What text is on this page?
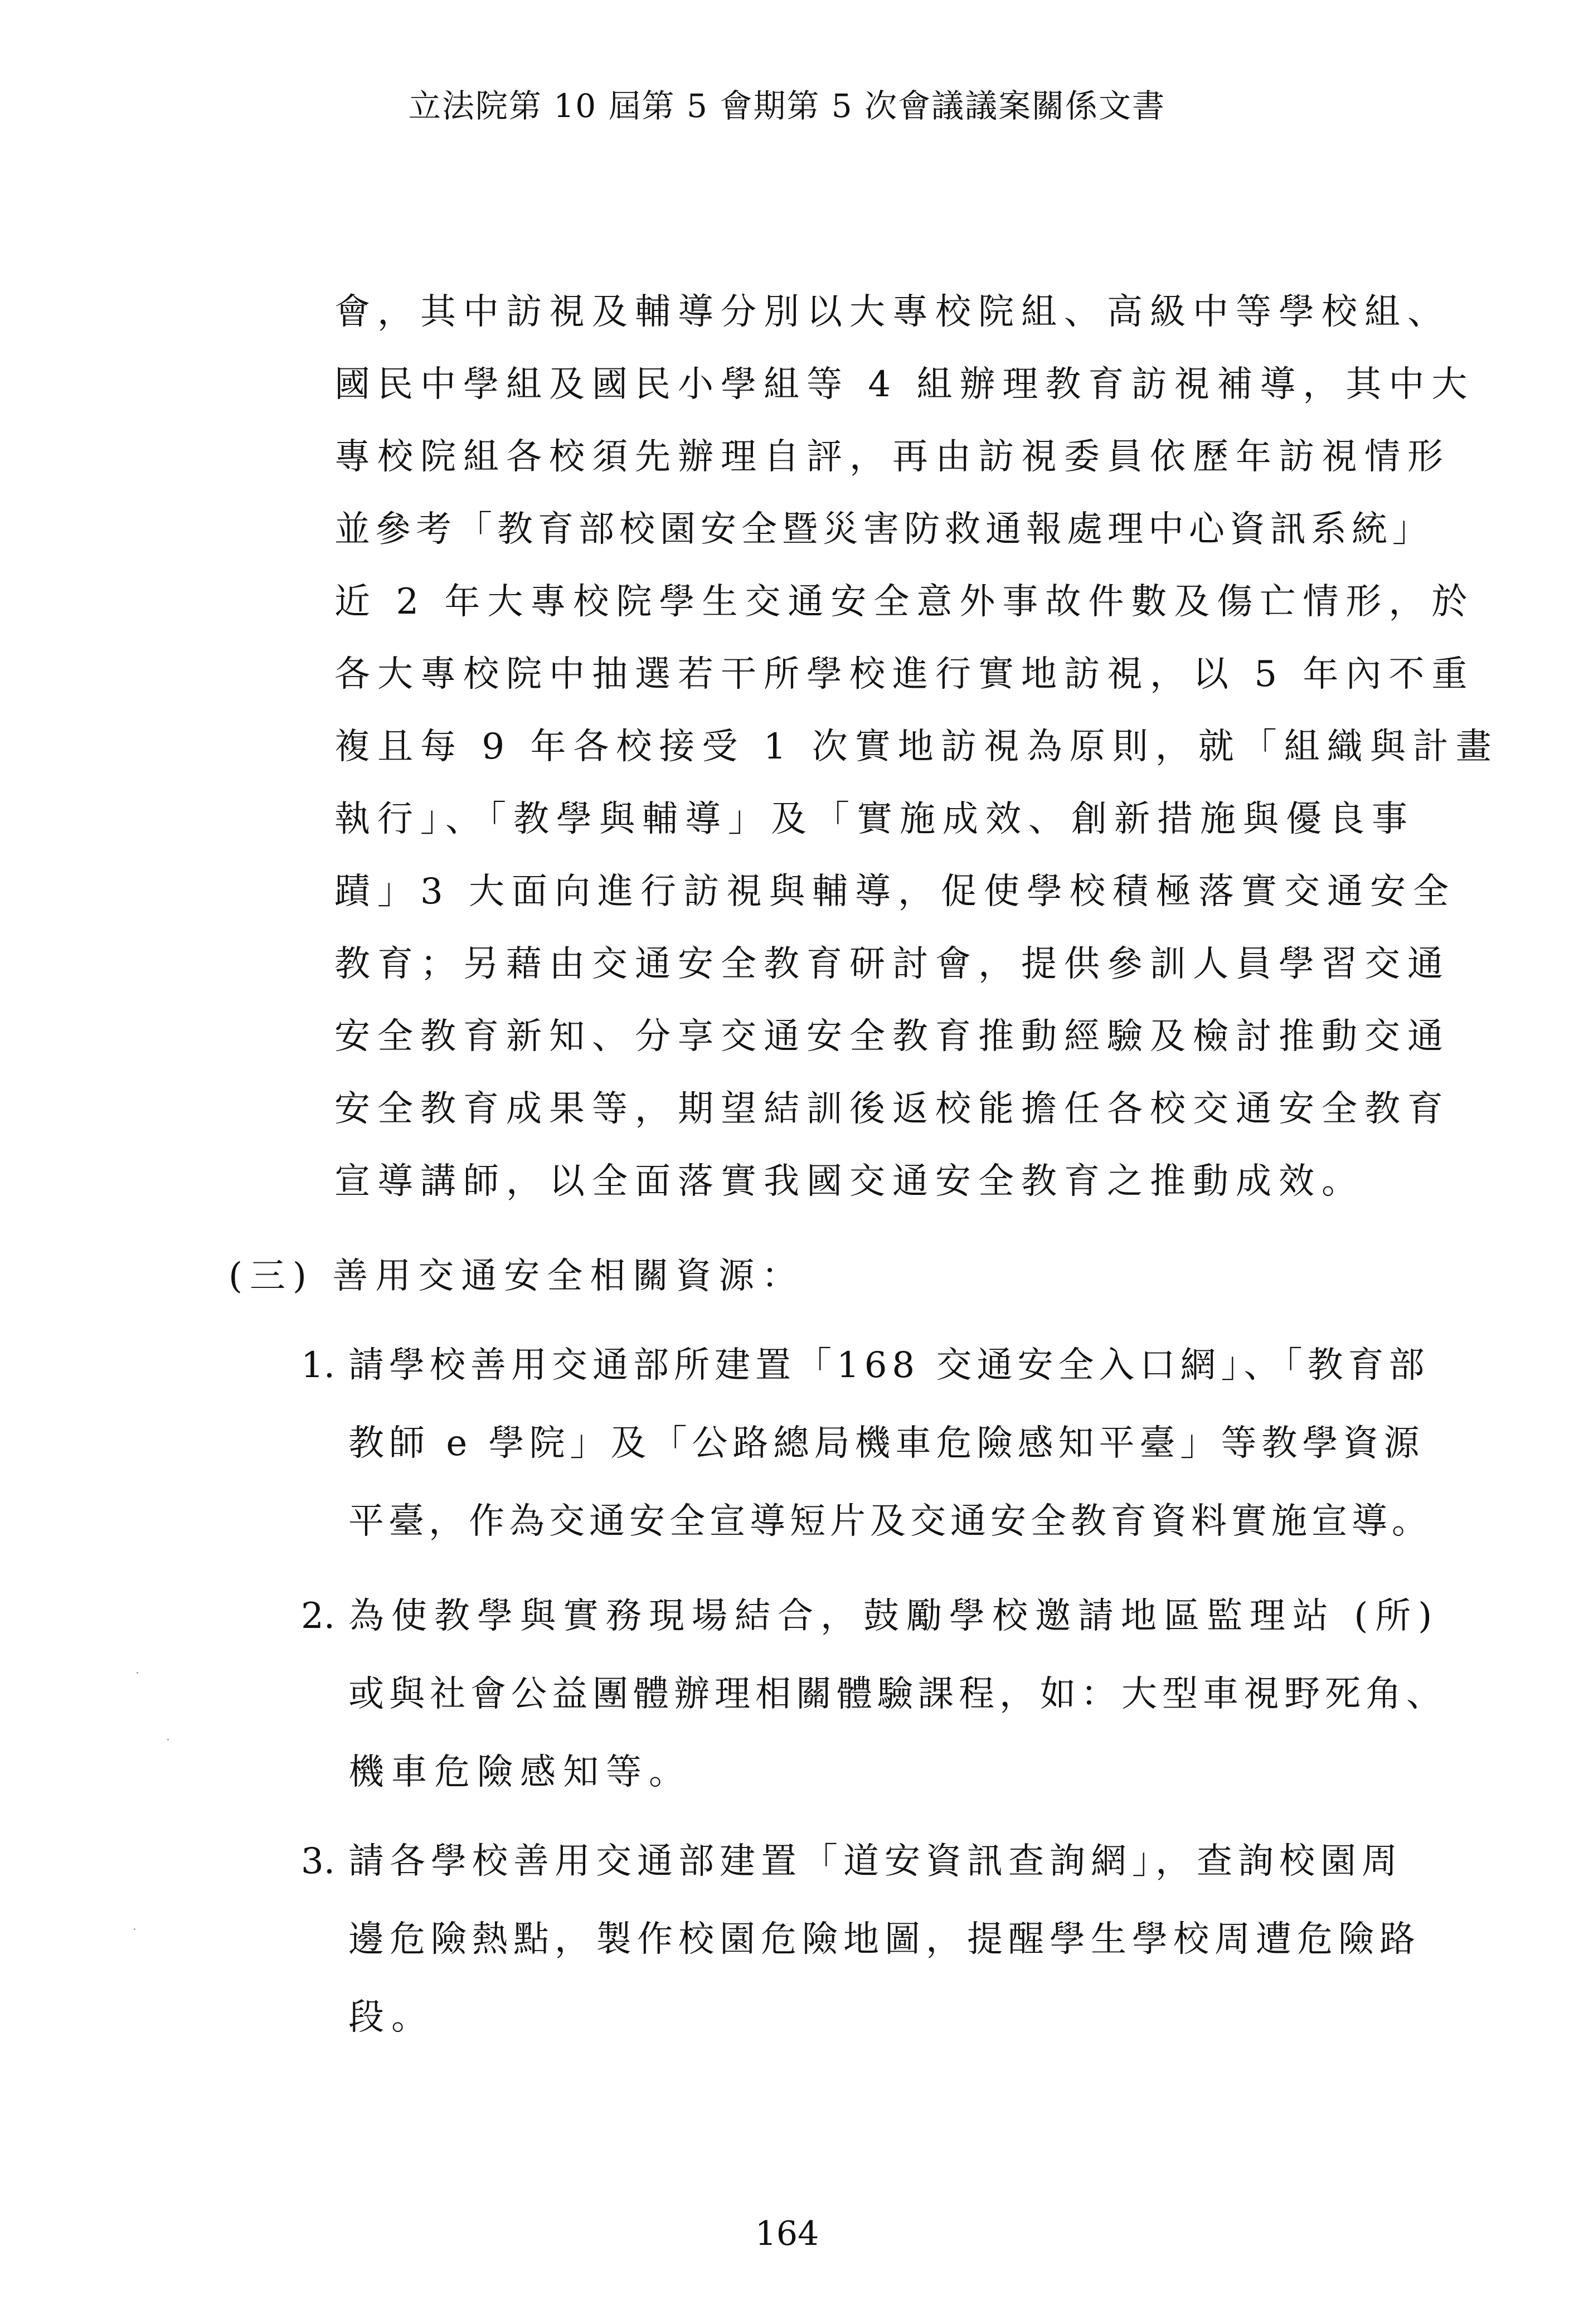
立法院第 10 屆第 5 會期第 5 次會議議案關係文書
會，其中訪視及輔導分別以大專校院組、高級中等學校組、
國民中學組及國民小學組等 4 組辦理教育訪視補導，其中大
專校院組各校須先辦理自評，再由訪視委員依歷年訪視情形
並參考「教育部校園安全暨災害防救通報處理中心資訊系統」
近 2 年大專校院學生交通安全意外事故件數及傷亡情形，於
各大專校院中抽選若干所學校進行實地訪視，以 5 年內不重
複且每 9 年各校接受 1 次實地訪視為原則，就「組織與計畫
執行」、「教學與輔導」及「實施成效、創新措施與優良事
蹟」3 大面向進行訪視與輔導，促使學校積極落實交通安全
教育；另藉由交通安全教育研討會，提供參訓人員學習交通
安全教育新知、分享交通安全教育推動經驗及檢討推動交通
安全教育成果等，期望結訓後返校能擔任各校交通安全教育
宣導講師，以全面落實我國交通安全教育之推動成效。
(三) 善用交通安全相關資源：
1. 請學校善用交通部所建置「168 交通安全入口網」、「教育部
教師 e 學院」及「公路總局機車危險感知平臺」等教學資源
平臺，作為交通安全宣導短片及交通安全教育資料實施宣導。
2. 為使教學與實務現場結合，鼓勵學校邀請地區監理站 (所)
或與社會公益團體辦理相關體驗課程，如：大型車視野死角、
機車危險感知等。
3. 請各學校善用交通部建置「道安資訊查詢網」，查詢校園周
邊危險熱點，製作校園危險地圖，提醒學生學校周遭危險路
段。
164
